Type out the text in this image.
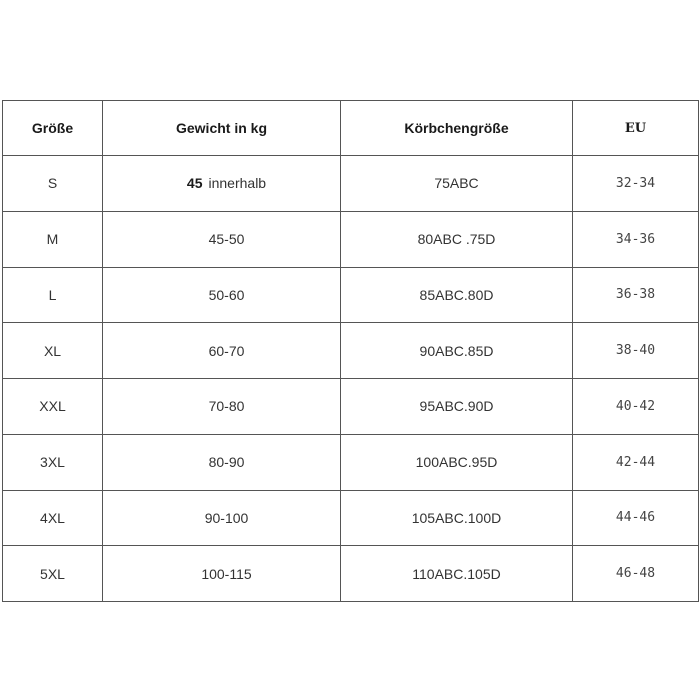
Größe	Gewicht in kg	Körbchengröße	EU
S	45 innerhalb	75ABC	32-34
M	45-50	80ABC .75D	34-36
L	50-60	85ABC.80D	36-38
XL	60-70	90ABC.85D	38-40
XXL	70-80	95ABC.90D	40-42
3XL	80-90	100ABC.95D	42-44
4XL	90-100	105ABC.100D	44-46
5XL	100-115	110ABC.105D	46-48
